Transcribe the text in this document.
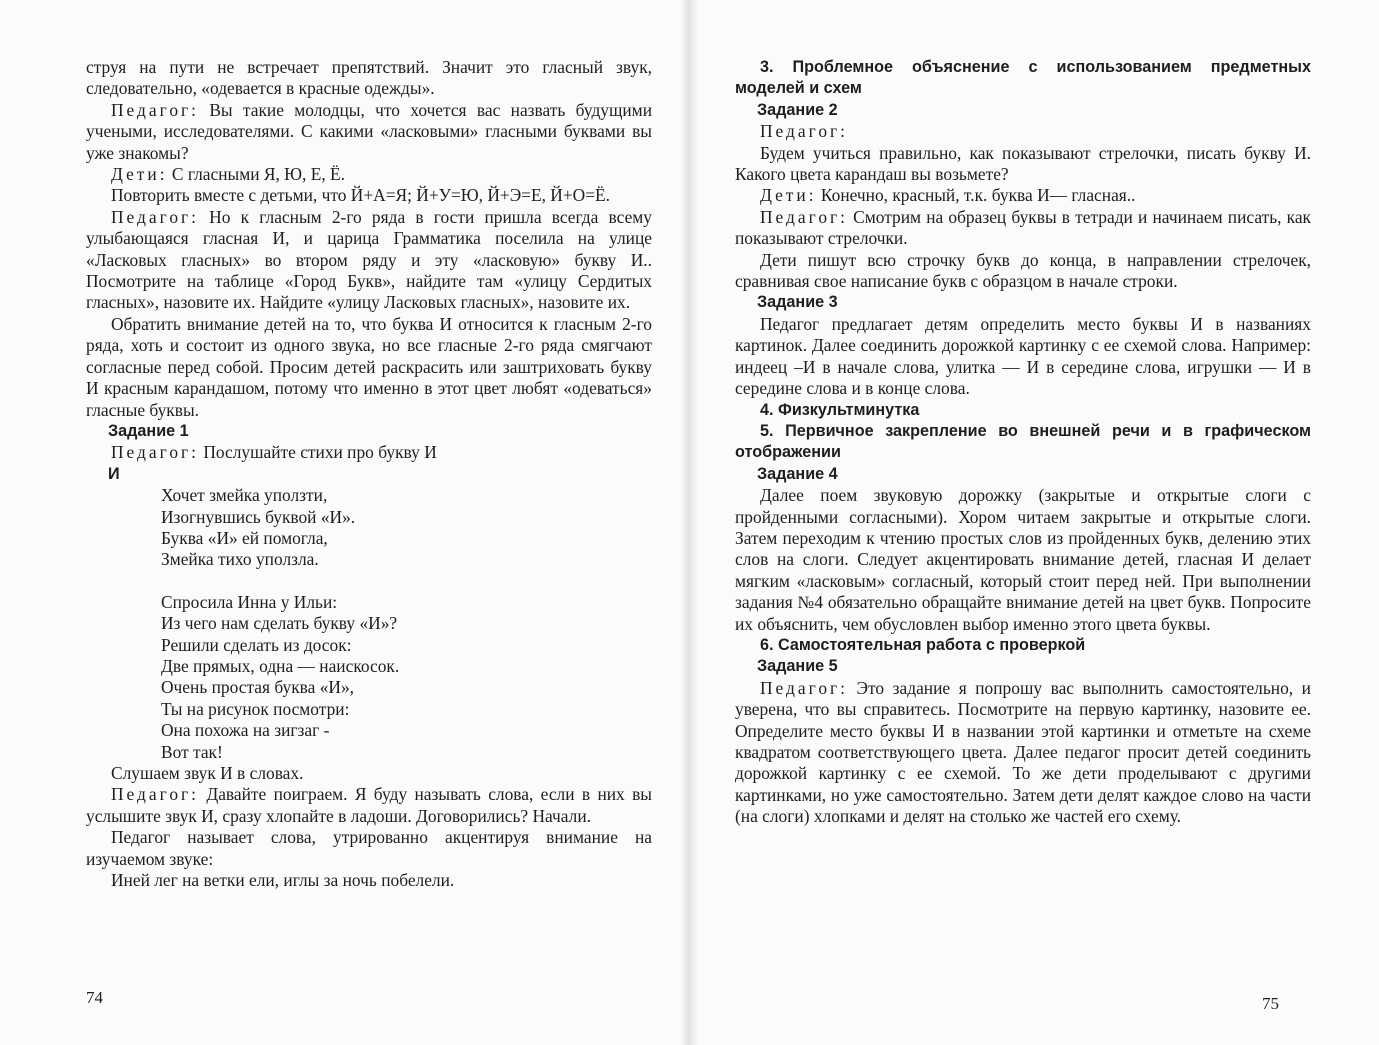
струя на пути не встречает препятствий. Значит это гласный звук, следовательно, «одевается в красные одежды».

Педагог: Вы такие молодцы, что хочется вас назвать будущими учеными, исследователями. С какими «ласковыми» гласными буквами вы уже знакомы?

Дети: С гласными Я, Ю, Е, Ё.

Повторить вместе с детьми, что Й+А=Я; Й+У=Ю, Й+Э=Е, Й+О=Ё.

Педагог: Но к гласным 2-го ряда в гости пришла всегда всему улыбающаяся гласная И, и царица Грамматика поселила на улице «Ласковых гласных» во втором ряду и эту «ласковую» букву И.. Посмотрите на таблице «Город Букв», найдите там «улицу Сердитых гласных», назовите их. Найдите «улицу Ласковых гласных», назовите их.

Обратить внимание детей на то, что буква И относится к гласным 2-го ряда, хоть и состоит из одного звука, но все гласные 2-го ряда смягчают согласные перед собой. Просим детей раскрасить или заштриховать букву И красным карандашом, потому что именно в этот цвет любят «одеваться» гласные буквы.

Задание 1

Педагог: Послушайте стихи про букву И

И

Хочет змейка уползти,
Изогнувшись буквой «И».
Буква «И» ей помогла,
Змейка тихо уползла.
Спросила Инна у Ильи:
Из чего нам сделать букву «И»?
Решили сделать из досок:
Две прямых, одна — наискосок.
Очень простая буква «И»,
Ты на рисунок посмотри:
Она похожа на зигзаг -
Вот так!

Слушаем звук И в словах.

Педагог: Давайте поиграем. Я буду называть слова, если в них вы услышите звук И, сразу хлопайте в ладоши. Договорились? Начали.

Педагог называет слова, утрированно акцентируя внимание на изучаемом звуке:

Иней лег на ветки ели, иглы за ночь побелели.

74

3. Проблемное объяснение с использованием предметных моделей и схем

Задание 2

Педагог:

Будем учиться правильно, как показывают стрелочки, писать букву И. Какого цвета карандаш вы возьмете?

Дети: Конечно, красный, т.к. буква И— гласная..

Педагог: Смотрим на образец буквы в тетради и начинаем писать, как показывают стрелочки.

Дети пишут всю строчку букв до конца, в направлении стрелочек, сравнивая свое написание букв с образцом в начале строки.

Задание 3

Педагог предлагает детям определить место буквы И в названиях картинок. Далее соединить дорожкой картинку с ее схемой слова. Например: индеец –И в начале слова, улитка — И в середине слова, игрушки — И в середине слова и в конце слова.

4. Физкультминутка

5. Первичное закрепление во внешней речи и в графическом отображении

Задание 4

Далее поем звуковую дорожку (закрытые и открытые слоги с пройденными согласными). Хором читаем закрытые и открытые слоги. Затем переходим к чтению простых слов из пройденных букв, делению этих слов на слоги. Следует акцентировать внимание детей, гласная И делает мягким «ласковым» согласный, который стоит перед ней. При выполнении задания №4 обязательно обращайте внимание детей на цвет букв. Попросите их объяснить, чем обусловлен выбор именно этого цвета буквы.

6. Самостоятельная работа с проверкой

Задание 5

Педагог: Это задание я попрошу вас выполнить самостоятельно, и уверена, что вы справитесь. Посмотрите на первую картинку, назовите ее. Определите место буквы И в названии этой картинки и отметьте на схеме квадратом соответствующего цвета. Далее педагог просит детей соединить дорожкой картинку с ее схемой. То же дети проделывают с другими картинками, но уже самостоятельно. Затем дети делят каждое слово на части (на слоги) хлопками и делят на столько же частей его схему.

75
